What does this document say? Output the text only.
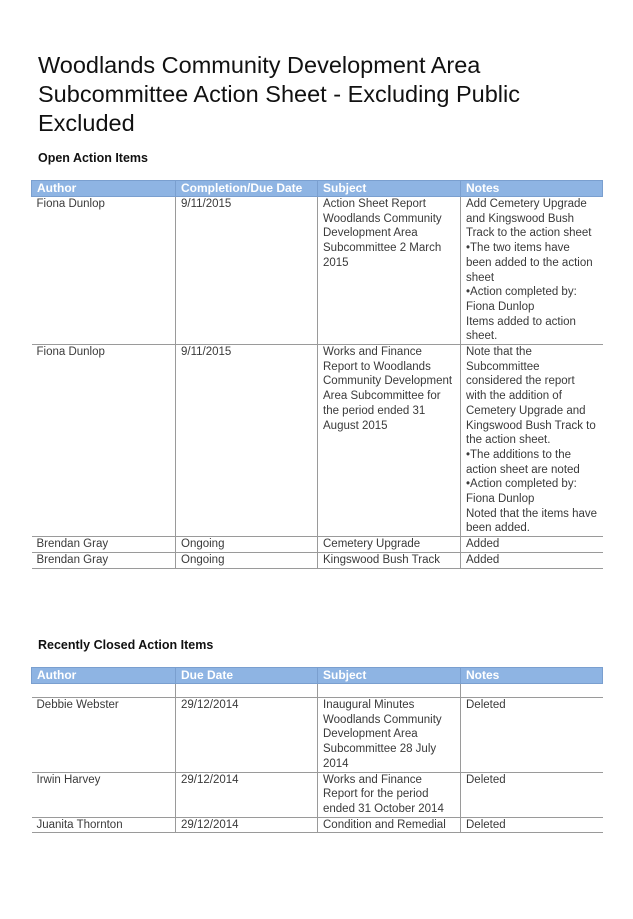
Woodlands Community Development Area Subcommittee Action Sheet - Excluding Public Excluded
Open Action Items
Author	Completion/Due Date	Subject	Notes
Fiona Dunlop	9/11/2015	Action Sheet Report Woodlands Community Development Area Subcommittee 2 March 2015	Add Cemetery Upgrade and Kingswood Bush Track to the action sheet
•The two items have been added to the action sheet
•Action completed by: Fiona Dunlop
Items added to action sheet.

Fiona Dunlop	9/11/2015	Works and Finance Report to Woodlands Community Development Area Subcommittee for the period ended 31 August 2015	Note that the Subcommittee considered the report with the addition of Cemetery Upgrade and Kingswood Bush Track to the action sheet.
•The additions to the action sheet are noted
•Action completed by: Fiona Dunlop
Noted that the items have been added.

Brendan Gray	Ongoing	Cemetery Upgrade	Added

Brendan Gray	Ongoing	Kingswood Bush Track	Added
Recently Closed Action Items
Author	Due Date	Subject	Notes

Debbie Webster	29/12/2014	Inaugural Minutes Woodlands Community Development Area Subcommittee 28 July 2014	Deleted

Irwin Harvey	29/12/2014	Works and Finance Report for the period ended 31 October 2014	Deleted

Juanita Thornton	29/12/2014	Condition and Remedial	Deleted
